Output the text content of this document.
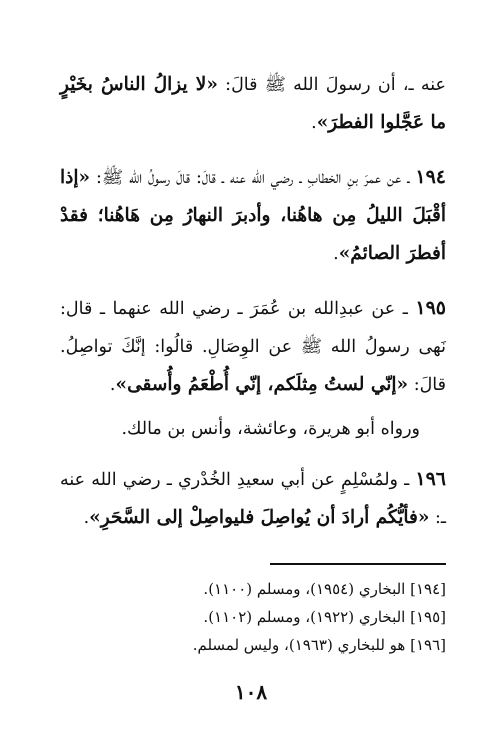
عنه ـ، أن رسولَ الله ﷺ قالَ: «لا يزالُ الناسُ بخَيْرٍ ما عَجَّلوا الفطرَ».

١٩٤ ـ عن عمرَ بنِ الخطابِ ـ رضي الله عنه ـ قالَ: قالَ رسولُ الله ﷺ: «إذا أقْبَلَ الليلُ مِن هاهُنا، وأدبرَ النهارُ مِن هَاهُنا؛ فقدْ أفطرَ الصائمُ».

١٩٥ ـ عن عبدِالله بن عُمَرَ ـ رضي الله عنهما ـ قال: نَهى رسولُ الله ﷺ عن الوِصَالِ. قالُوا: إنَّكَ تواصِلُ. قالَ: «إنّي لستُ مِثلَكم، إنّي أُطْعَمُ وأُسقى».

ورواه أبو هريرة، وعائشة، وأنس بن مالك.

١٩٦ ـ ولمُسْلِمٍ عن أبي سعيدِ الخُدْري ـ رضي الله عنه ـ: «فأيُّكُم أرادَ أن يُواصِلَ فليواصِلْ إلى السَّحَرِ».

[١٩٤] البخاري (١٩٥٤)، ومسلم (١١٠٠).
[١٩٥] البخاري (١٩٢٢)، ومسلم (١١٠٢).
[١٩٦] هو للبخاري (١٩٦٣)، وليس لمسلم.
١٠٨
